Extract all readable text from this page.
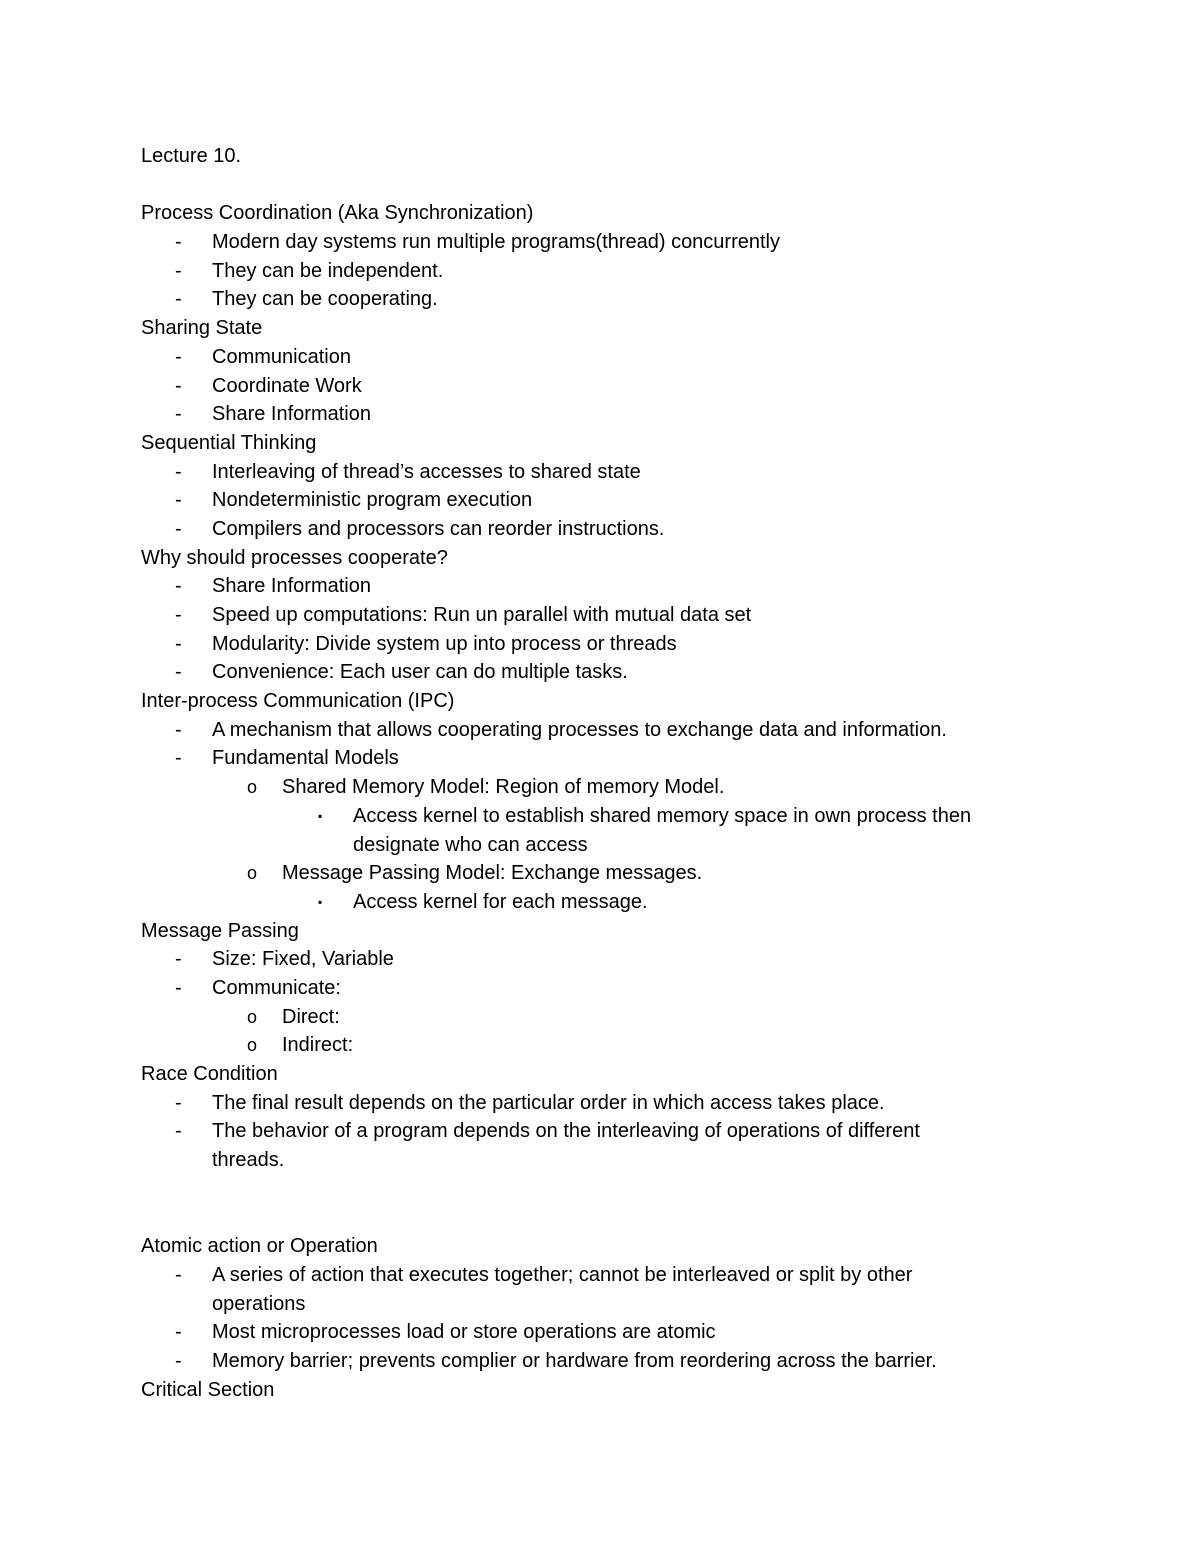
Lecture 10.
Process Coordination (Aka Synchronization)
- Modern day systems run multiple programs(thread) concurrently
- They can be independent.
- They can be cooperating.
Sharing State
- Communication
- Coordinate Work
- Share Information
Sequential Thinking
- Interleaving of thread’s accesses to shared state
- Nondeterministic program execution
- Compilers and processors can reorder instructions.
Why should processes cooperate?
- Share Information
- Speed up computations: Run un parallel with mutual data set
- Modularity: Divide system up into process or threads
- Convenience: Each user can do multiple tasks.
Inter-process Communication (IPC)
- A mechanism that allows cooperating processes to exchange data and information.
- Fundamental Models
o Shared Memory Model: Region of memory Model.
▪ Access kernel to establish shared memory space in own process then
designate who can access
o Message Passing Model: Exchange messages.
▪ Access kernel for each message.
Message Passing
- Size: Fixed, Variable
- Communicate:
o Direct:
o Indirect:
Race Condition
- The final result depends on the particular order in which access takes place.
- The behavior of a program depends on the interleaving of operations of different
threads.
Atomic action or Operation
- A series of action that executes together; cannot be interleaved or split by other
operations
- Most microprocesses load or store operations are atomic
- Memory barrier; prevents complier or hardware from reordering across the barrier.
Critical Section
